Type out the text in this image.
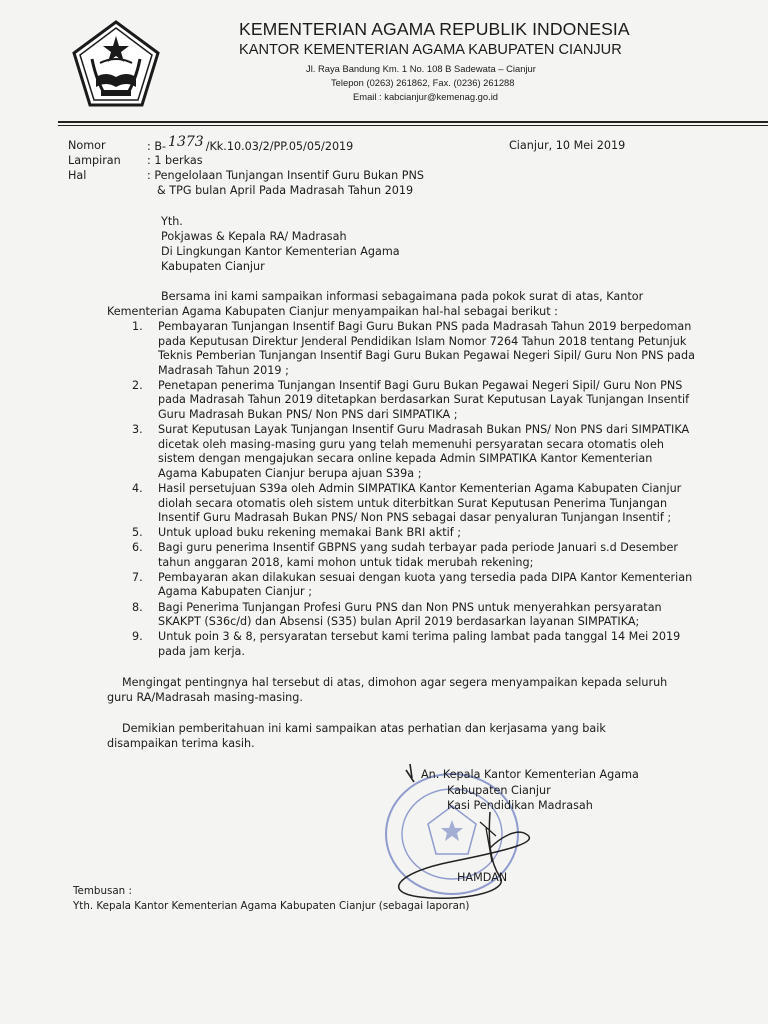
KEMENTERIAN AGAMA REPUBLIK INDONESIA
KANTOR KEMENTERIAN AGAMA KABUPATEN CIANJUR
Jl. Raya Bandung Km. 1 No. 108 B Sadewata – Cianjur
Telepon (0263) 261862, Fax. (0236) 261288
Email : kabcianjur@kemenag.go.id
Nomor	: B- 1373 /Kk.10.03/2/PP.05/05/2019	Cianjur, 10 Mei 2019
Lampiran : 1 berkas
Hal	: Pengelolaan Tunjangan Insentif Guru Bukan PNS
& TPG bulan April Pada Madrasah Tahun 2019
Yth.
Pokjawas & Kepala RA/ Madrasah
Di Lingkungan Kantor Kementerian Agama
Kabupaten Cianjur
Bersama ini kami sampaikan informasi sebagaimana pada pokok surat di atas, Kantor
Kementerian Agama Kabupaten Cianjur menyampaikan hal-hal sebagai berikut :
1. Pembayaran Tunjangan Insentif Bagi Guru Bukan PNS pada Madrasah Tahun 2019 berpedoman
pada Keputusan Direktur Jenderal Pendidikan Islam Nomor 7264 Tahun 2018 tentang Petunjuk
Teknis Pemberian Tunjangan Insentif Bagi Guru Bukan Pegawai Negeri Sipil/ Guru Non PNS pada
Madrasah Tahun 2019 ;
2. Penetapan penerima Tunjangan Insentif Bagi Guru Bukan Pegawai Negeri Sipil/ Guru Non PNS
pada Madrasah Tahun 2019 ditetapkan berdasarkan Surat Keputusan Layak Tunjangan Insentif
Guru Madrasah Bukan PNS/ Non PNS dari SIMPATIKA ;
3. Surat Keputusan Layak Tunjangan Insentif Guru Madrasah Bukan PNS/ Non PNS dari SIMPATIKA
dicetak oleh masing-masing guru yang telah memenuhi persyaratan secara otomatis oleh
sistem dengan mengajukan secara online kepada Admin SIMPATIKA Kantor Kementerian
Agama Kabupaten Cianjur berupa ajuan S39a ;
4. Hasil persetujuan S39a oleh Admin SIMPATIKA Kantor Kementerian Agama Kabupaten Cianjur
diolah secara otomatis oleh sistem untuk diterbitkan Surat Keputusan Penerima Tunjangan
Insentif Guru Madrasah Bukan PNS/ Non PNS sebagai dasar penyaluran Tunjangan Insentif ;
5. Untuk upload buku rekening memakai Bank BRI aktif ;
6. Bagi guru penerima Insentif GBPNS yang sudah terbayar pada periode Januari s.d Desember
tahun anggaran 2018, kami mohon untuk tidak merubah rekening;
7. Pembayaran akan dilakukan sesuai dengan kuota yang tersedia pada DIPA Kantor Kementerian
Agama Kabupaten Cianjur ;
8. Bagi Penerima Tunjangan Profesi Guru PNS dan Non PNS untuk menyerahkan persyaratan
SKAKPT (S36c/d) dan Absensi (S35) bulan April 2019 berdasarkan layanan SIMPATIKA;
9. Untuk poin 3 & 8, persyaratan tersebut kami terima paling lambat pada tanggal 14 Mei 2019
pada jam kerja.
Mengingat pentingnya hal tersebut di atas, dimohon agar segera menyampaikan kepada seluruh
guru RA/Madrasah masing-masing.
Demikian pemberitahuan ini kami sampaikan atas perhatian dan kerjasama yang baik
disampaikan terima kasih.
An. Kepala Kantor Kementerian Agama
Kabupaten Cianjur
Kasi Pendidikan Madrasah
HAMDAN
Tembusan :
Yth. Kepala Kantor Kementerian Agama Kabupaten Cianjur (sebagai laporan)
